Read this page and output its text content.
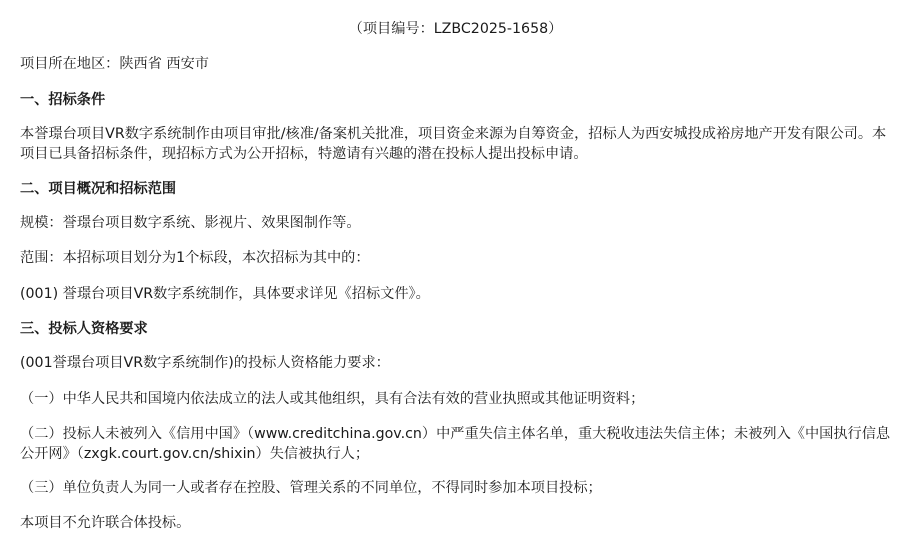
（项目编号：LZBC2025-1658）
项目所在地区：陕西省 西安市
一、招标条件
本誉璟台项目VR数字系统制作由项目审批/核准/备案机关批准，项目资金来源为自筹资金，招标人为西安城投成裕房地产开发有限公司。本项目已具备招标条件，现招标方式为公开招标，特邀请有兴趣的潜在投标人提出投标申请。
二、项目概况和招标范围
规模：誉璟台项目数字系统、影视片、效果图制作等。
范围：本招标项目划分为1个标段，本次招标为其中的：
(001) 誉璟台项目VR数字系统制作，具体要求详见《招标文件》。
三、投标人资格要求
(001誉璟台项目VR数字系统制作)的投标人资格能力要求：
（一）中华人民共和国境内依法成立的法人或其他组织，具有合法有效的营业执照或其他证明资料；
（二）投标人未被列入《信用中国》（www.creditchina.gov.cn）中严重失信主体名单，重大税收违法失信主体；未被列入《中国执行信息公开网》（zxgk.court.gov.cn/shixin）失信被执行人；
（三）单位负责人为同一人或者存在控股、管理关系的不同单位，不得同时参加本项目投标；
本项目不允许联合体投标。
